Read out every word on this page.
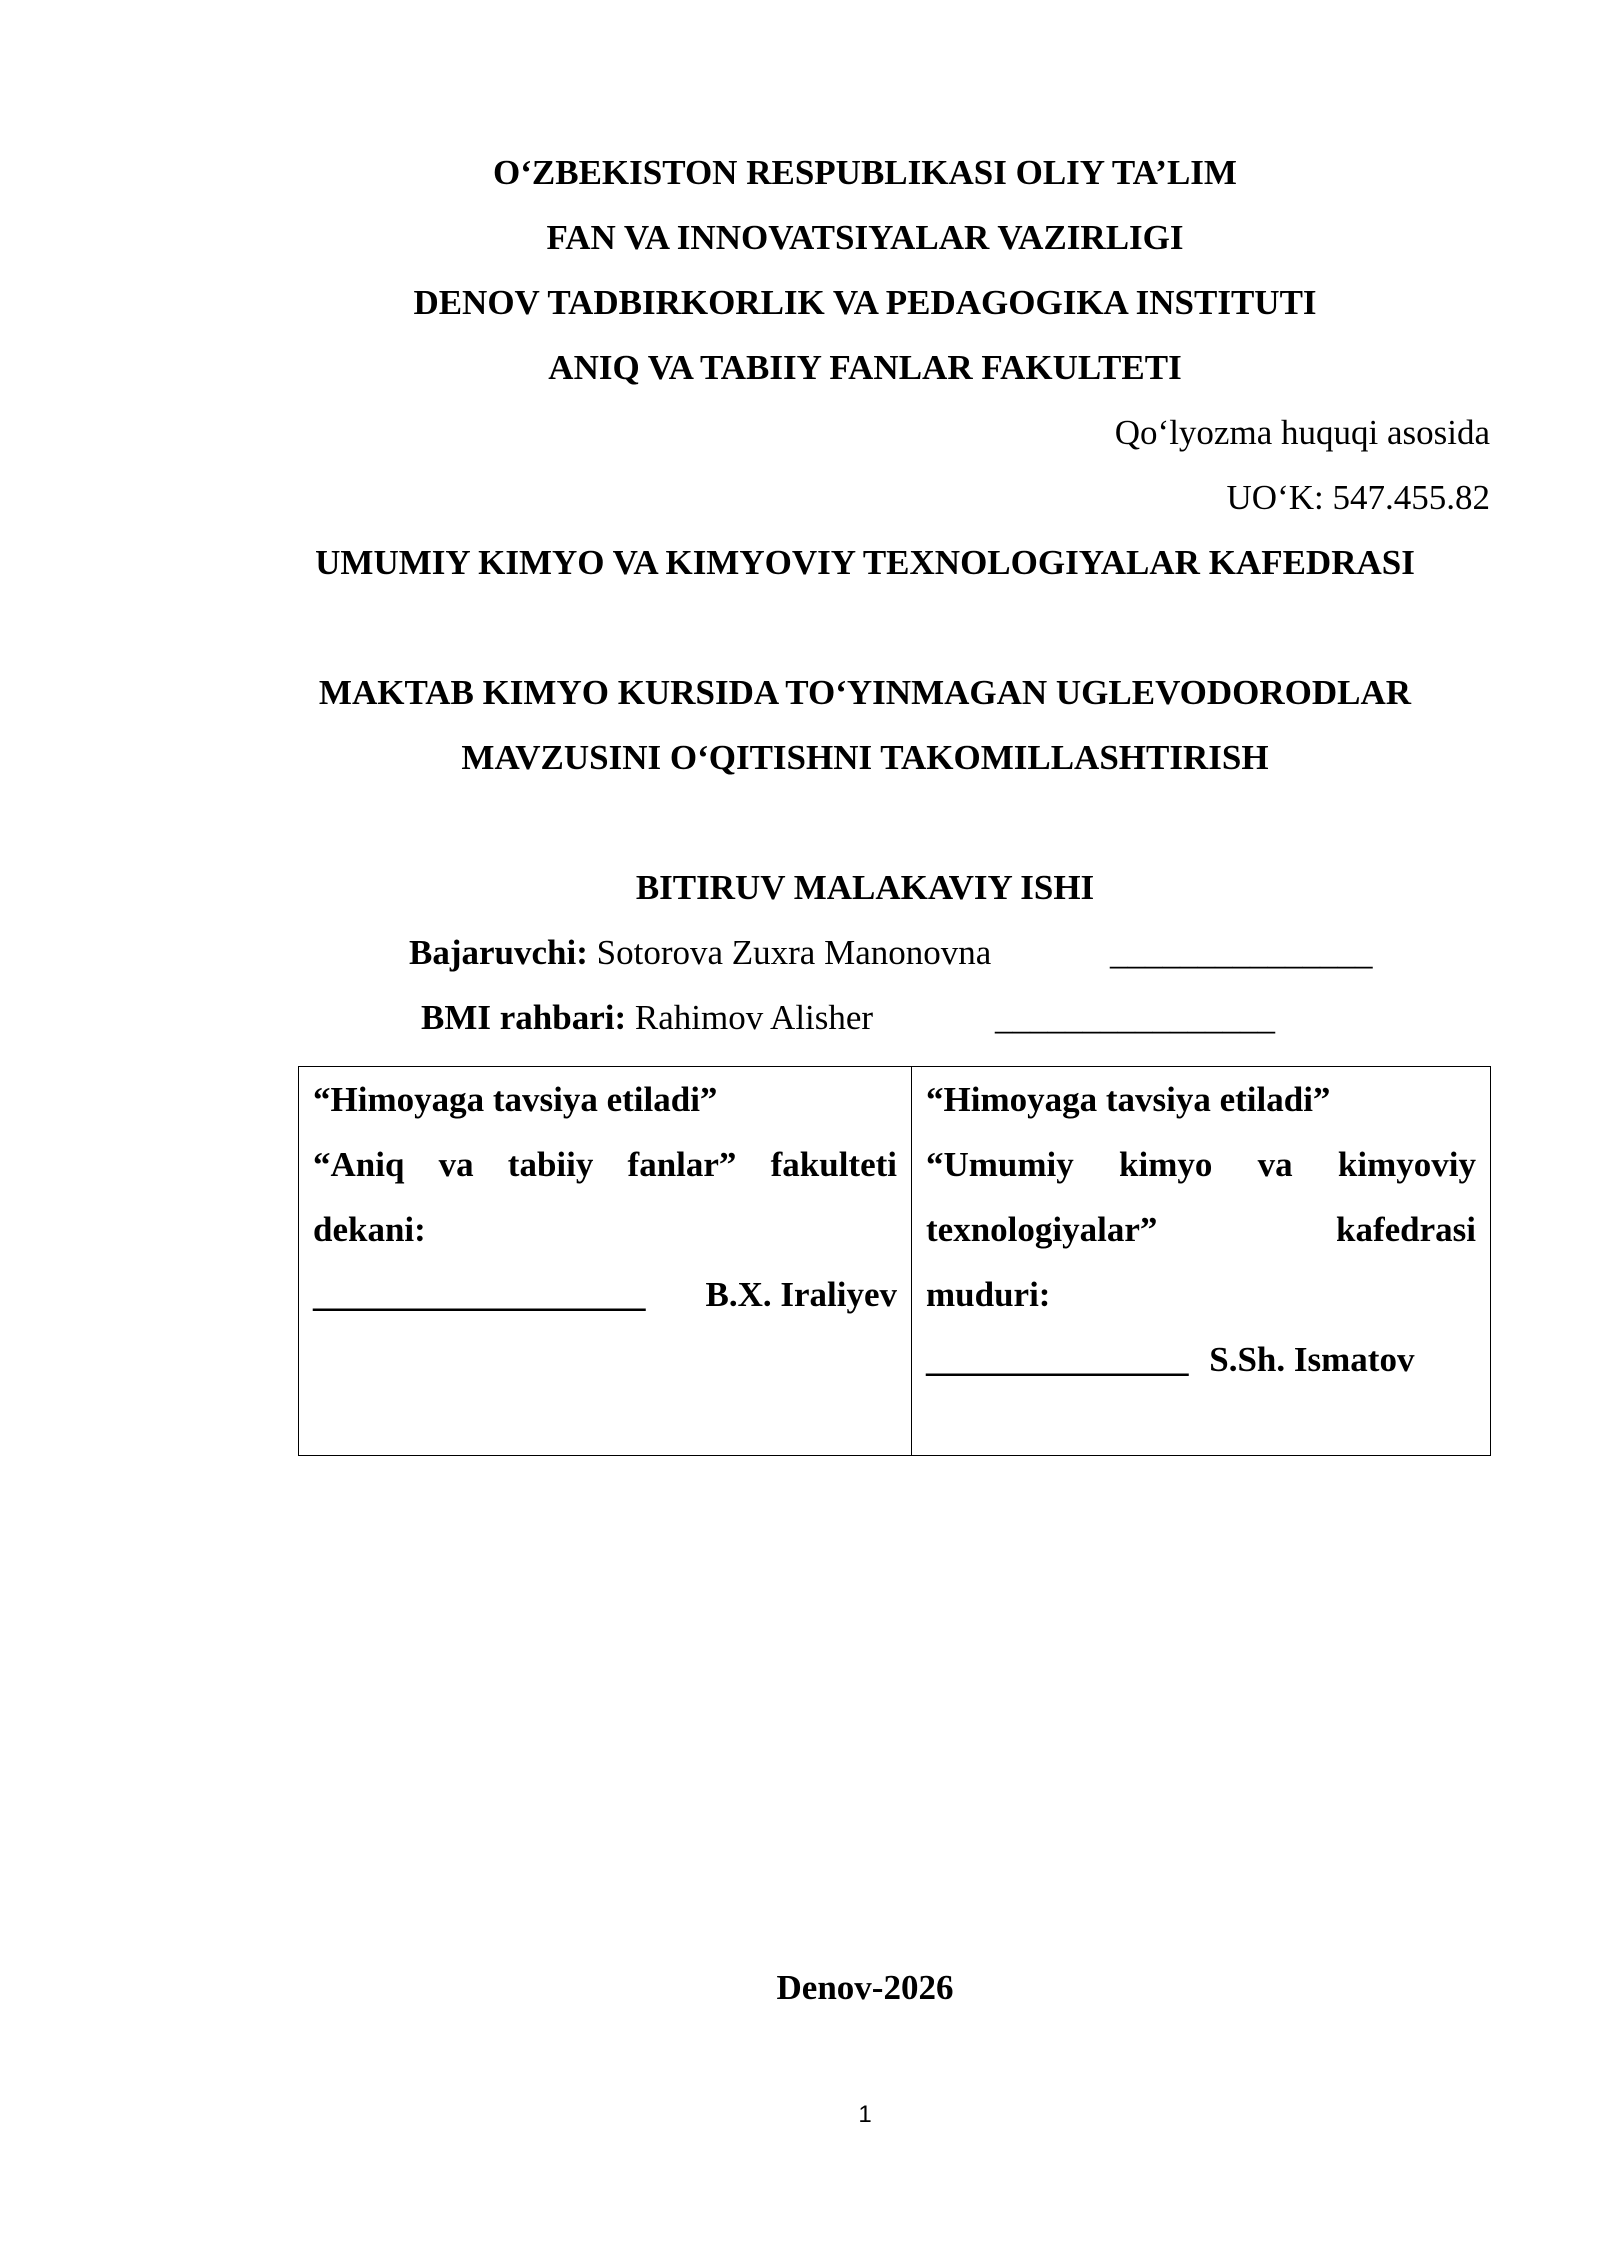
O‘ZBEKISTON RESPUBLIKASI OLIY TA’LIM
FAN VA INNOVATSIYALAR VAZIRLIGI
DENOV TADBIRKORLIK VA PEDAGOGIKA INSTITUTI
ANIQ VA TABIIY FANLAR FAKULTETI
Qo‘lyozma huquqi asosida
UO‘K: 547.455.82
UMUMIY KIMYO VA KIMYOVIY TEXNOLOGIYALAR KAFEDRASI
MAKTAB KIMYO KURSIDA TO‘YINMAGAN UGLEVODORODLAR
MAVZUSINI O‘QITISHNI TAKOMILLASHTIRISH
BITIRUV MALAKAVIY ISHI
Bajaruvchi: Sotorova Zuxra Manonovna	_______________
BMI rahbari: Rahimov Alisher	________________
“Himoyaga tavsiya etiladi”
“Aniq va tabiiy fanlar” fakulteti
dekani:
___________________ B.X. Iraliyev

“Himoyaga tavsiya etiladi”
“Umumiy kimyo va kimyoviy
texnologiyalar” kafedrasi
muduri:
_______________ S.Sh. Ismatov
Denov-2026
1
